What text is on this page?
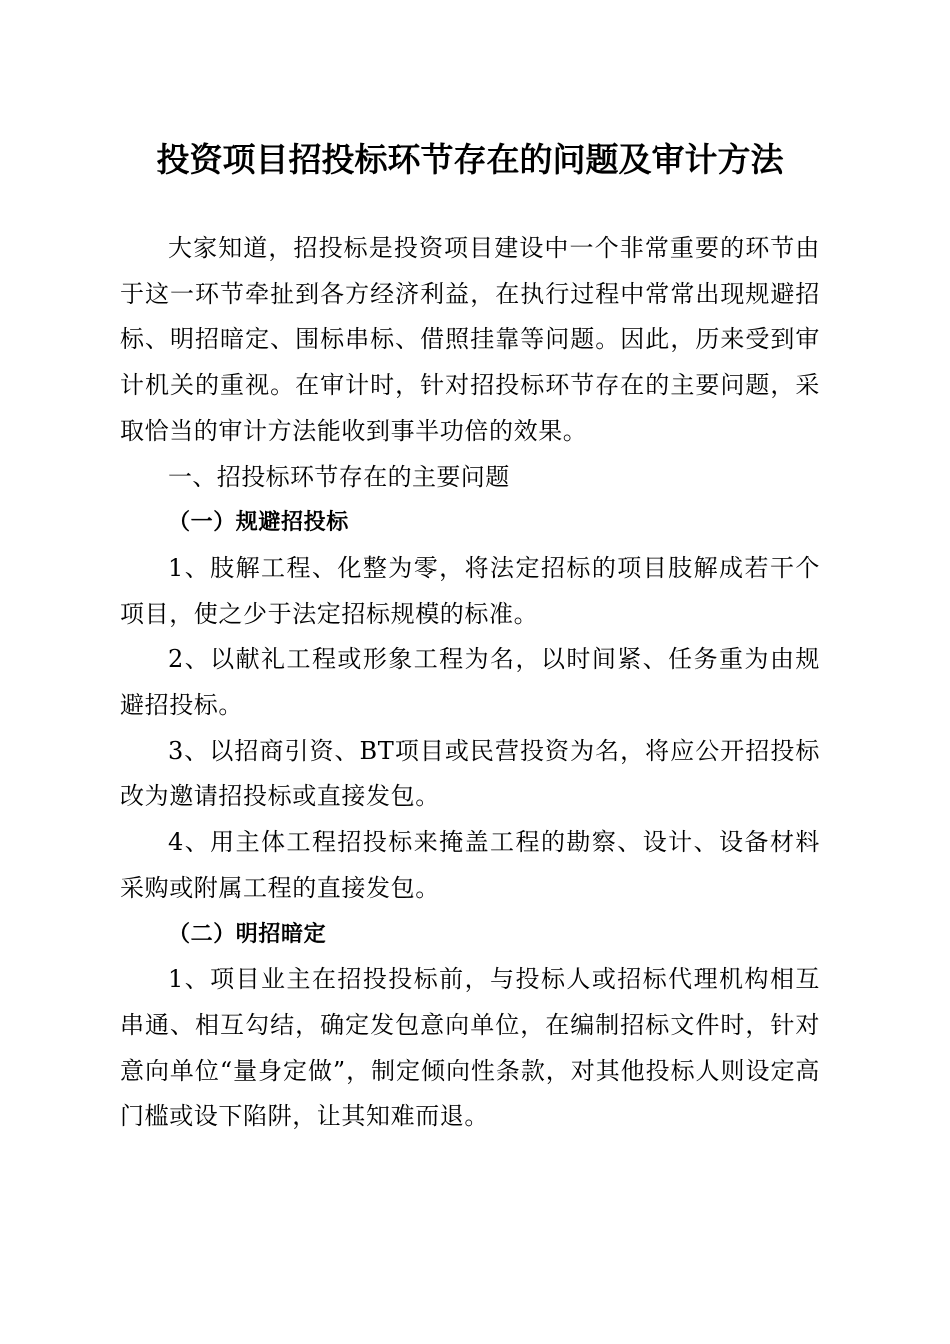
投资项目招投标环节存在的问题及审计方法

大家知道，招投标是投资项目建设中一个非常重要的环节由于这一环节牵扯到各方经济利益，在执行过程中常常出现规避招标、明招暗定、围标串标、借照挂靠等问题。因此，历来受到审计机关的重视。在审计时，针对招投标环节存在的主要问题，采取恰当的审计方法能收到事半功倍的效果。

一、招投标环节存在的主要问题
（一）规避招投标

1、肢解工程、化整为零，将法定招标的项目肢解成若干个项目，使之少于法定招标规模的标准。

2、以献礼工程或形象工程为名，以时间紧、任务重为由规避招投标。

3、以招商引资、BT项目或民营投资为名，将应公开招投标改为邀请招投标或直接发包。

4、用主体工程招投标来掩盖工程的勘察、设计、设备材料采购或附属工程的直接发包。

（二）明招暗定

1、项目业主在招投投标前，与投标人或招标代理机构相互串通、相互勾结，确定发包意向单位，在编制招标文件时，针对意向单位“量身定做”，制定倾向性条款，对其他投标人则设定高门槛或设下陷阱，让其知难而退。
